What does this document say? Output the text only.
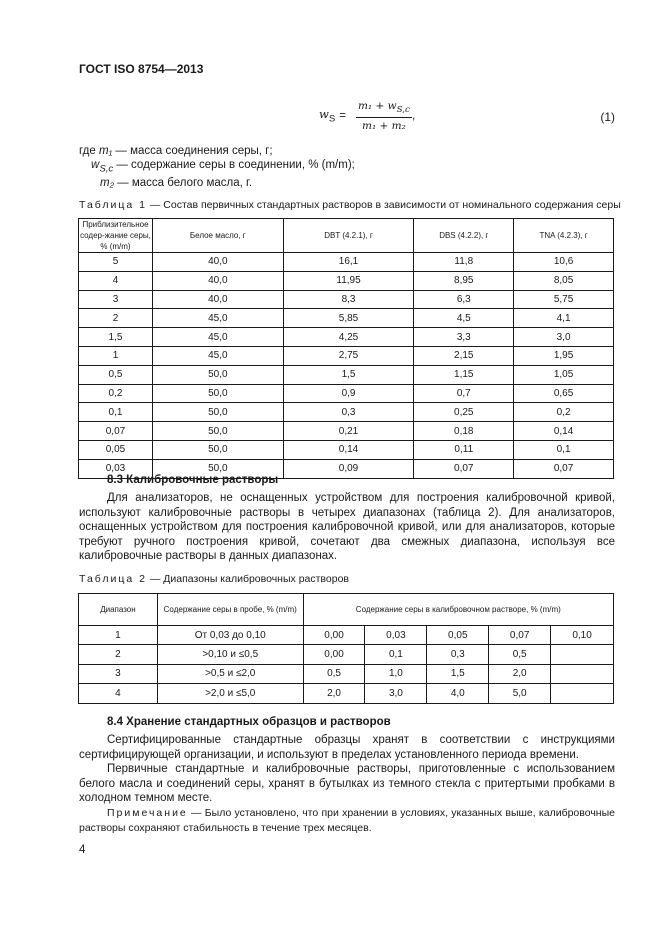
ГОСТ ISO 8754—2013
$w_S = \frac{m_1 + w_{S,c}}{\text{m₁ + m₂}}$ ,	(1)
где m₁ — масса соединения серы, г;
$w_{S,c}$ — содержание серы в соединении, % (m/m);
m₂ — масса белого масла, г.
Таблица 1 — Состав первичных стандартных растворов в зависимости от номинального содержания серы
Приблизительное содер-жание серы, % (m/m)	Белое масло, г	DBT (4.2.1), г	DBS (4.2.2), г	TNA (4.2.3), г
5	40,0	16,1	11,8	10,6
4	40,0	11,95	8,95	8,05
3	40,0	8,3	6,3	5,75
2	45,0	5,85	4,5	4,1
1,5	45,0	4,25	3,3	3,0
1	45,0	2,75	2,15	1,95
0,5	50,0	1,5	1,15	1,05
0,2	50,0	0,9	0,7	0,65
0,1	50,0	0,3	0,25	0,2
0,07	50,0	0,21	0,18	0,14
0,05	50,0	0,14	0,11	0,1
0,03	50,0	0,09	0,07	0,07
8.3 Калибровочные растворы
Для анализаторов, не оснащенных устройством для построения калибровочной кривой, используют калибровочные растворы в четырех диапазонах (таблица 2). Для анализаторов, оснащенных устройством для построения калибровочной кривой, или для анализаторов, которые требуют ручного построения кривой, сочетают два смежных диапазона, используя все калибровочные растворы в данных диапазонах.
Таблица 2 — Диапазоны калибровочных растворов
Диапазон	Содержание серы в пробе, % (m/m)	Содержание серы в калибровочном растворе, % (m/m)				
1	От 0,03 до 0,10	0,00	0,03	0,05	0,07	0,10
2	>0,10 и ≤0,5	0,00	0,1	0,3	0,5	
3	>0,5 и ≤2,0	0,5	1,0	1,5	2,0	
4	>2,0 и ≤5,0	2,0	3,0	4,0	5,0	
8.4 Хранение стандартных образцов и растворов
Сертифицированные стандартные образцы хранят в соответствии с инструкциями сертифицирующей организации, и используют в пределах установленного периода времени.
Первичные стандартные и калибровочные растворы, приготовленные с использованием белого масла и соединений серы, хранят в бутылках из темного стекла с притертыми пробками в холодном темном месте.
Примечание — Было установлено, что при хранении в условиях, указанных выше, калибровочные растворы сохраняют стабильность в течение трех месяцев.
4
